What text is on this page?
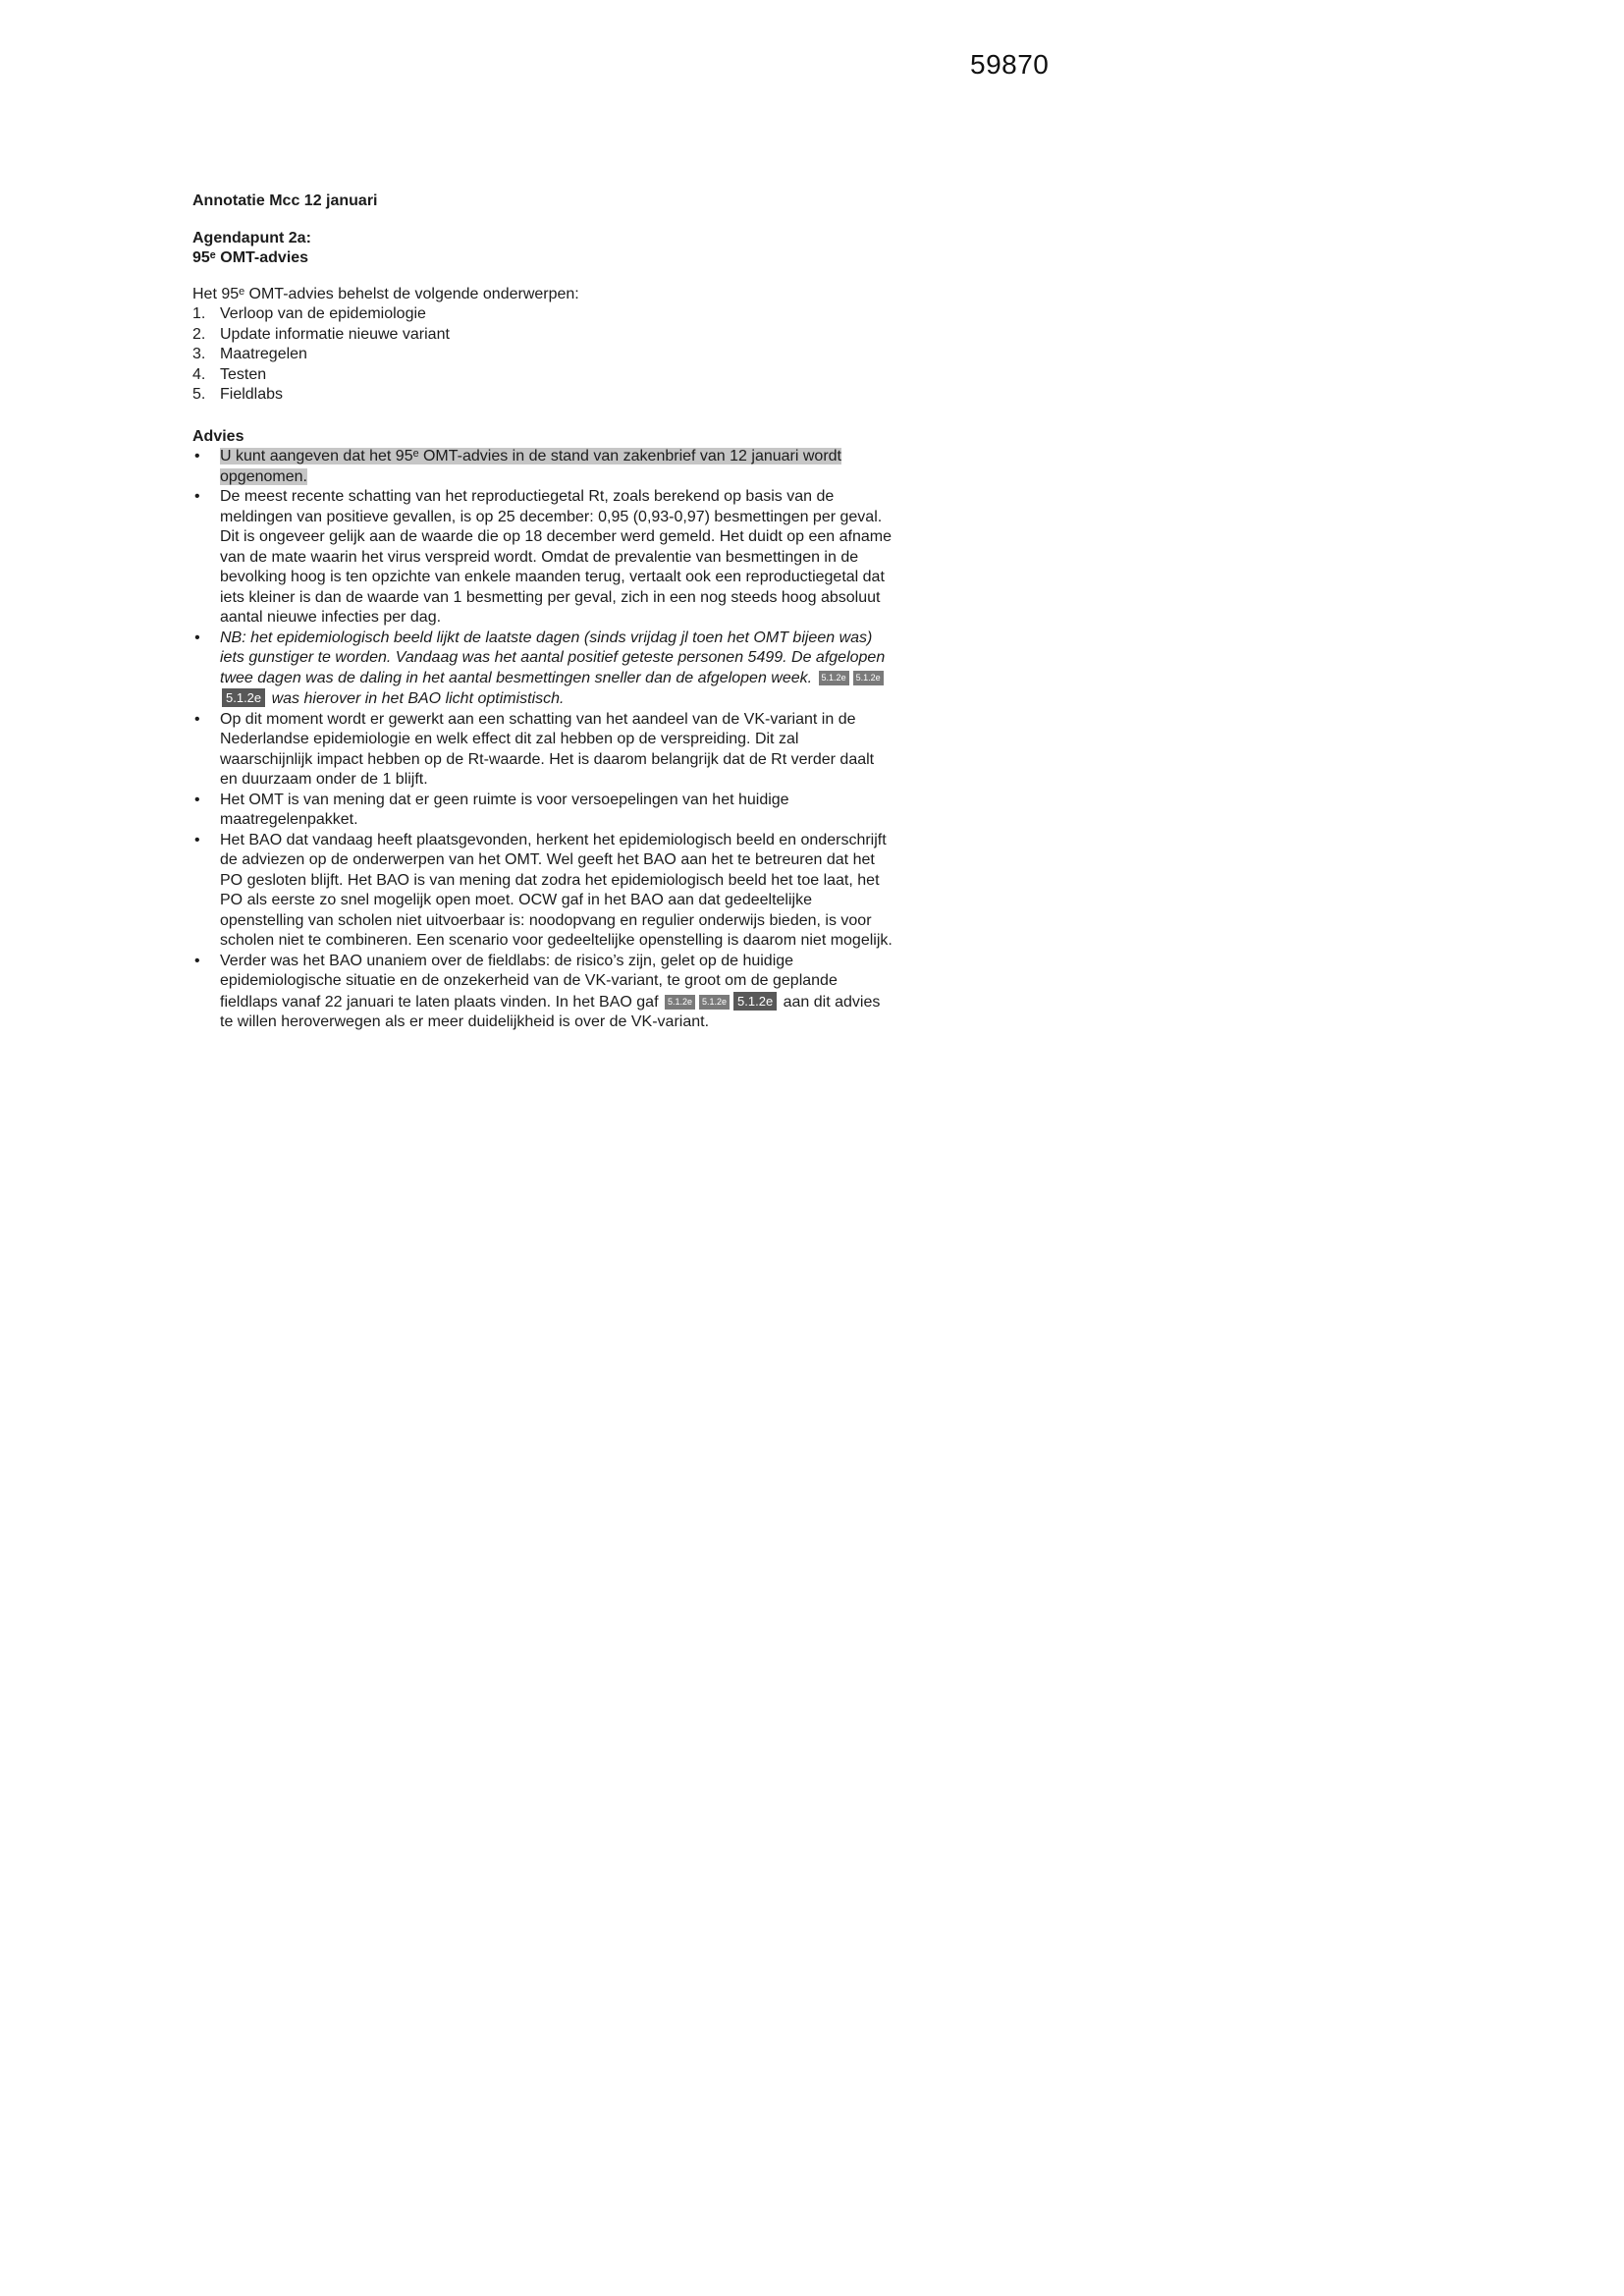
59870

Annotatie Mcc 12 januari

Agendapunt 2a:

95ᵉ OMT-advies

Het 95ᵉ OMT-advies behelst de volgende onderwerpen:

Verloop van de epidemiologie
Update informatie nieuwe variant
Maatregelen
Testen
Fieldlabs

Advies

• U kunt aangeven dat het 95ᵉ OMT-advies in de stand van zakenbrief van 12 januari wordt opgenomen.
• De meest recente schatting van het reproductiegetal Rt, zoals berekend op basis van de meldingen van positieve gevallen, is op 25 december: 0,95 (0,93-0,97) besmettingen per geval. Dit is ongeveer gelijk aan de waarde die op 18 december werd gemeld. Het duidt op een afname van de mate waarin het virus verspreid wordt. Omdat de prevalentie van besmettingen in de bevolking hoog is ten opzichte van enkele maanden terug, vertaalt ook een reproductiegetal dat iets kleiner is dan de waarde van 1 besmetting per geval, zich in een nog steeds hoog absoluut aantal nieuwe infecties per dag.
• NB: het epidemiologisch beeld lijkt de laatste dagen (sinds vrijdag jl toen het OMT bijeen was) iets gunstiger te worden. Vandaag was het aantal positief geteste personen 5499. De afgelopen twee dagen was de daling in het aantal besmettingen sneller dan de afgelopen week. 5.1.2e 5.1.2e5.1.2e was hierover in het BAO licht optimistisch.
• Op dit moment wordt er gewerkt aan een schatting van het aandeel van de VK-variant in de Nederlandse epidemiologie en welk effect dit zal hebben op de verspreiding. Dit zal waarschijnlijk impact hebben op de Rt-waarde. Het is daarom belangrijk dat de Rt verder daalt en duurzaam onder de 1 blijft.
• Het OMT is van mening dat er geen ruimte is voor versoepelingen van het huidige maatregelenpakket.
• Het BAO dat vandaag heeft plaatsgevonden, herkent het epidemiologisch beeld en onderschrijft de adviezen op de onderwerpen van het OMT. Wel geeft het BAO aan het te betreuren dat het PO gesloten blijft. Het BAO is van mening dat zodra het epidemiologisch beeld het toe laat, het PO als eerste zo snel mogelijk open moet. OCW gaf in het BAO aan dat gedeeltelijke openstelling van scholen niet uitvoerbaar is: noodopvang en regulier onderwijs bieden, is voor scholen niet te combineren. Een scenario voor gedeeltelijke openstelling is daarom niet mogelijk.
• Verder was het BAO unaniem over de fieldlabs: de risico’s zijn, gelet op de huidige epidemiologische situatie en de onzekerheid van de VK-variant, te groot om de geplande fieldlaps vanaf 22 januari te laten plaats vinden. In het BAO gaf 5.1.2e 5.1.2e 5.1.2e aan dit advies te willen heroverwegen als er meer duidelijkheid is over de VK-variant.
